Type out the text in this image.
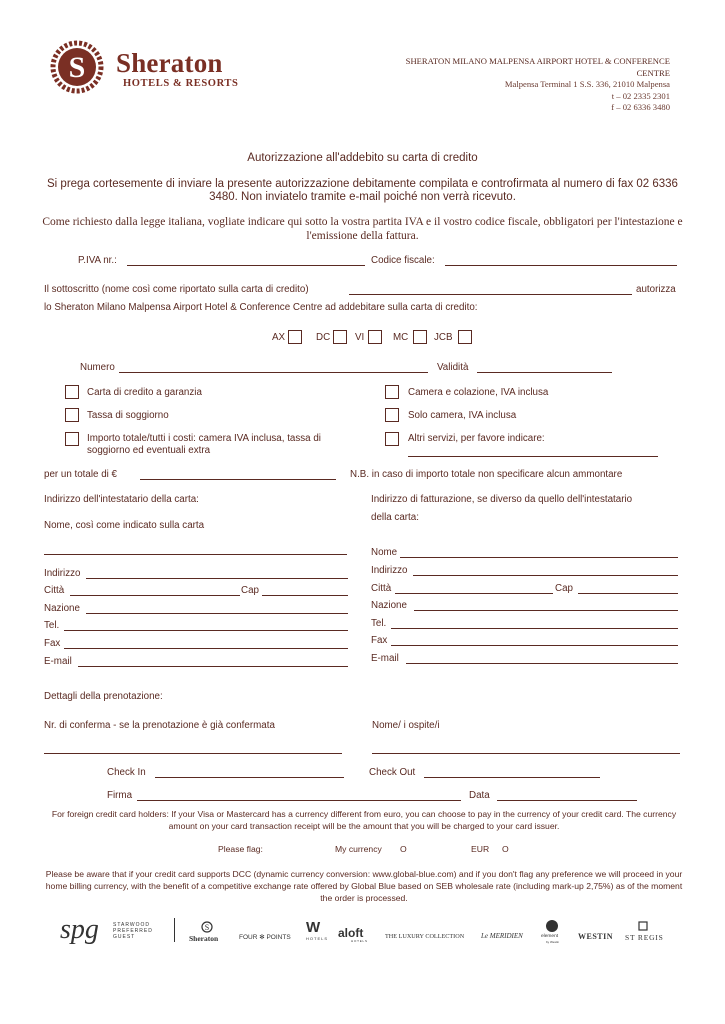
S Sheraton
HOTELS & RESORTS
SHERATON MILANO MALPENSA AIRPORT HOTEL & CONFERENCE
CENTRE
Malpensa Terminal 1 S.S. 336, 21010 Malpensa
t – 02 2335 2301
f – 02 6336 3480
Autorizzazione all'addebito su carta di credito
Si prega cortesemente di inviare la presente autorizzazione debitamente compilata e controfirmata al numero di fax 02 6336 3480. Non inviatelo tramite e-mail poiché non verrà ricevuto.
Come richiesto dalla legge italiana, vogliate indicare qui sotto la vostra partita IVA e il vostro codice fiscale, obbligatori per l'intestazione e l'emissione della fattura.
P.IVA nr.:	Codice fiscale:
Il sottoscritto (nome così come riportato sulla carta di credito)	autorizza
lo Sheraton Milano Malpensa Airport Hotel & Conference Centre ad addebitare sulla carta di credito:
AX	DC	VI	MC	JCB
Numero	Validità
Carta di credito a garanzia
Tassa di soggiorno
Importo totale/tutti i costi: camera IVA inclusa, tassa di
soggiorno ed eventuali extra
Camera e colazione, IVA inclusa
Solo camera, IVA inclusa
Altri servizi, per favore indicare:
per un totale di €	N.B. in caso di importo totale non specificare alcun ammontare
Indirizzo dell'intestatario della carta:
Nome, così come indicato sulla carta
Indirizzo di fatturazione, se diverso da quello dell'intestatario
della carta:
Indirizzo
Città	Cap
Nazione
Tel.
Fax
E-mail
Nome
Indirizzo
Città	Cap
Nazione
Tel.
Fax
E-mail
Dettagli della prenotazione:
Nr. di conferma - se la prenotazione è già confermata	Nome/ i ospite/i
Check In	Check Out
Firma	Data
For foreign credit card holders: If your Visa or Mastercard has a currency different from euro, you can choose to pay in the currency of your credit card. The currency amount on your card transaction receipt will be the amount that you will be charged to your card issuer.
Please flag:	My currency O	EUR O
Please be aware that if your credit card supports DCC (dynamic currency conversion: www.global-blue.com) and if you don't flag any preference we will proceed in your home billing currency, with the benefit of a competitive exchange rate offered by Global Blue based on SEB wholesale rate (including mark-up 2,75%) as of the moment the order is processed.
spg	STARWOOD
PREFERRED
GUEST
S
Sheraton	FOUR ✻ POINTS
W
HOTELS aloft
H O T E L S
THE LUXURY COLLECTION Le MERIDIEN	element
by Westin
WESTIN ST REGIS
